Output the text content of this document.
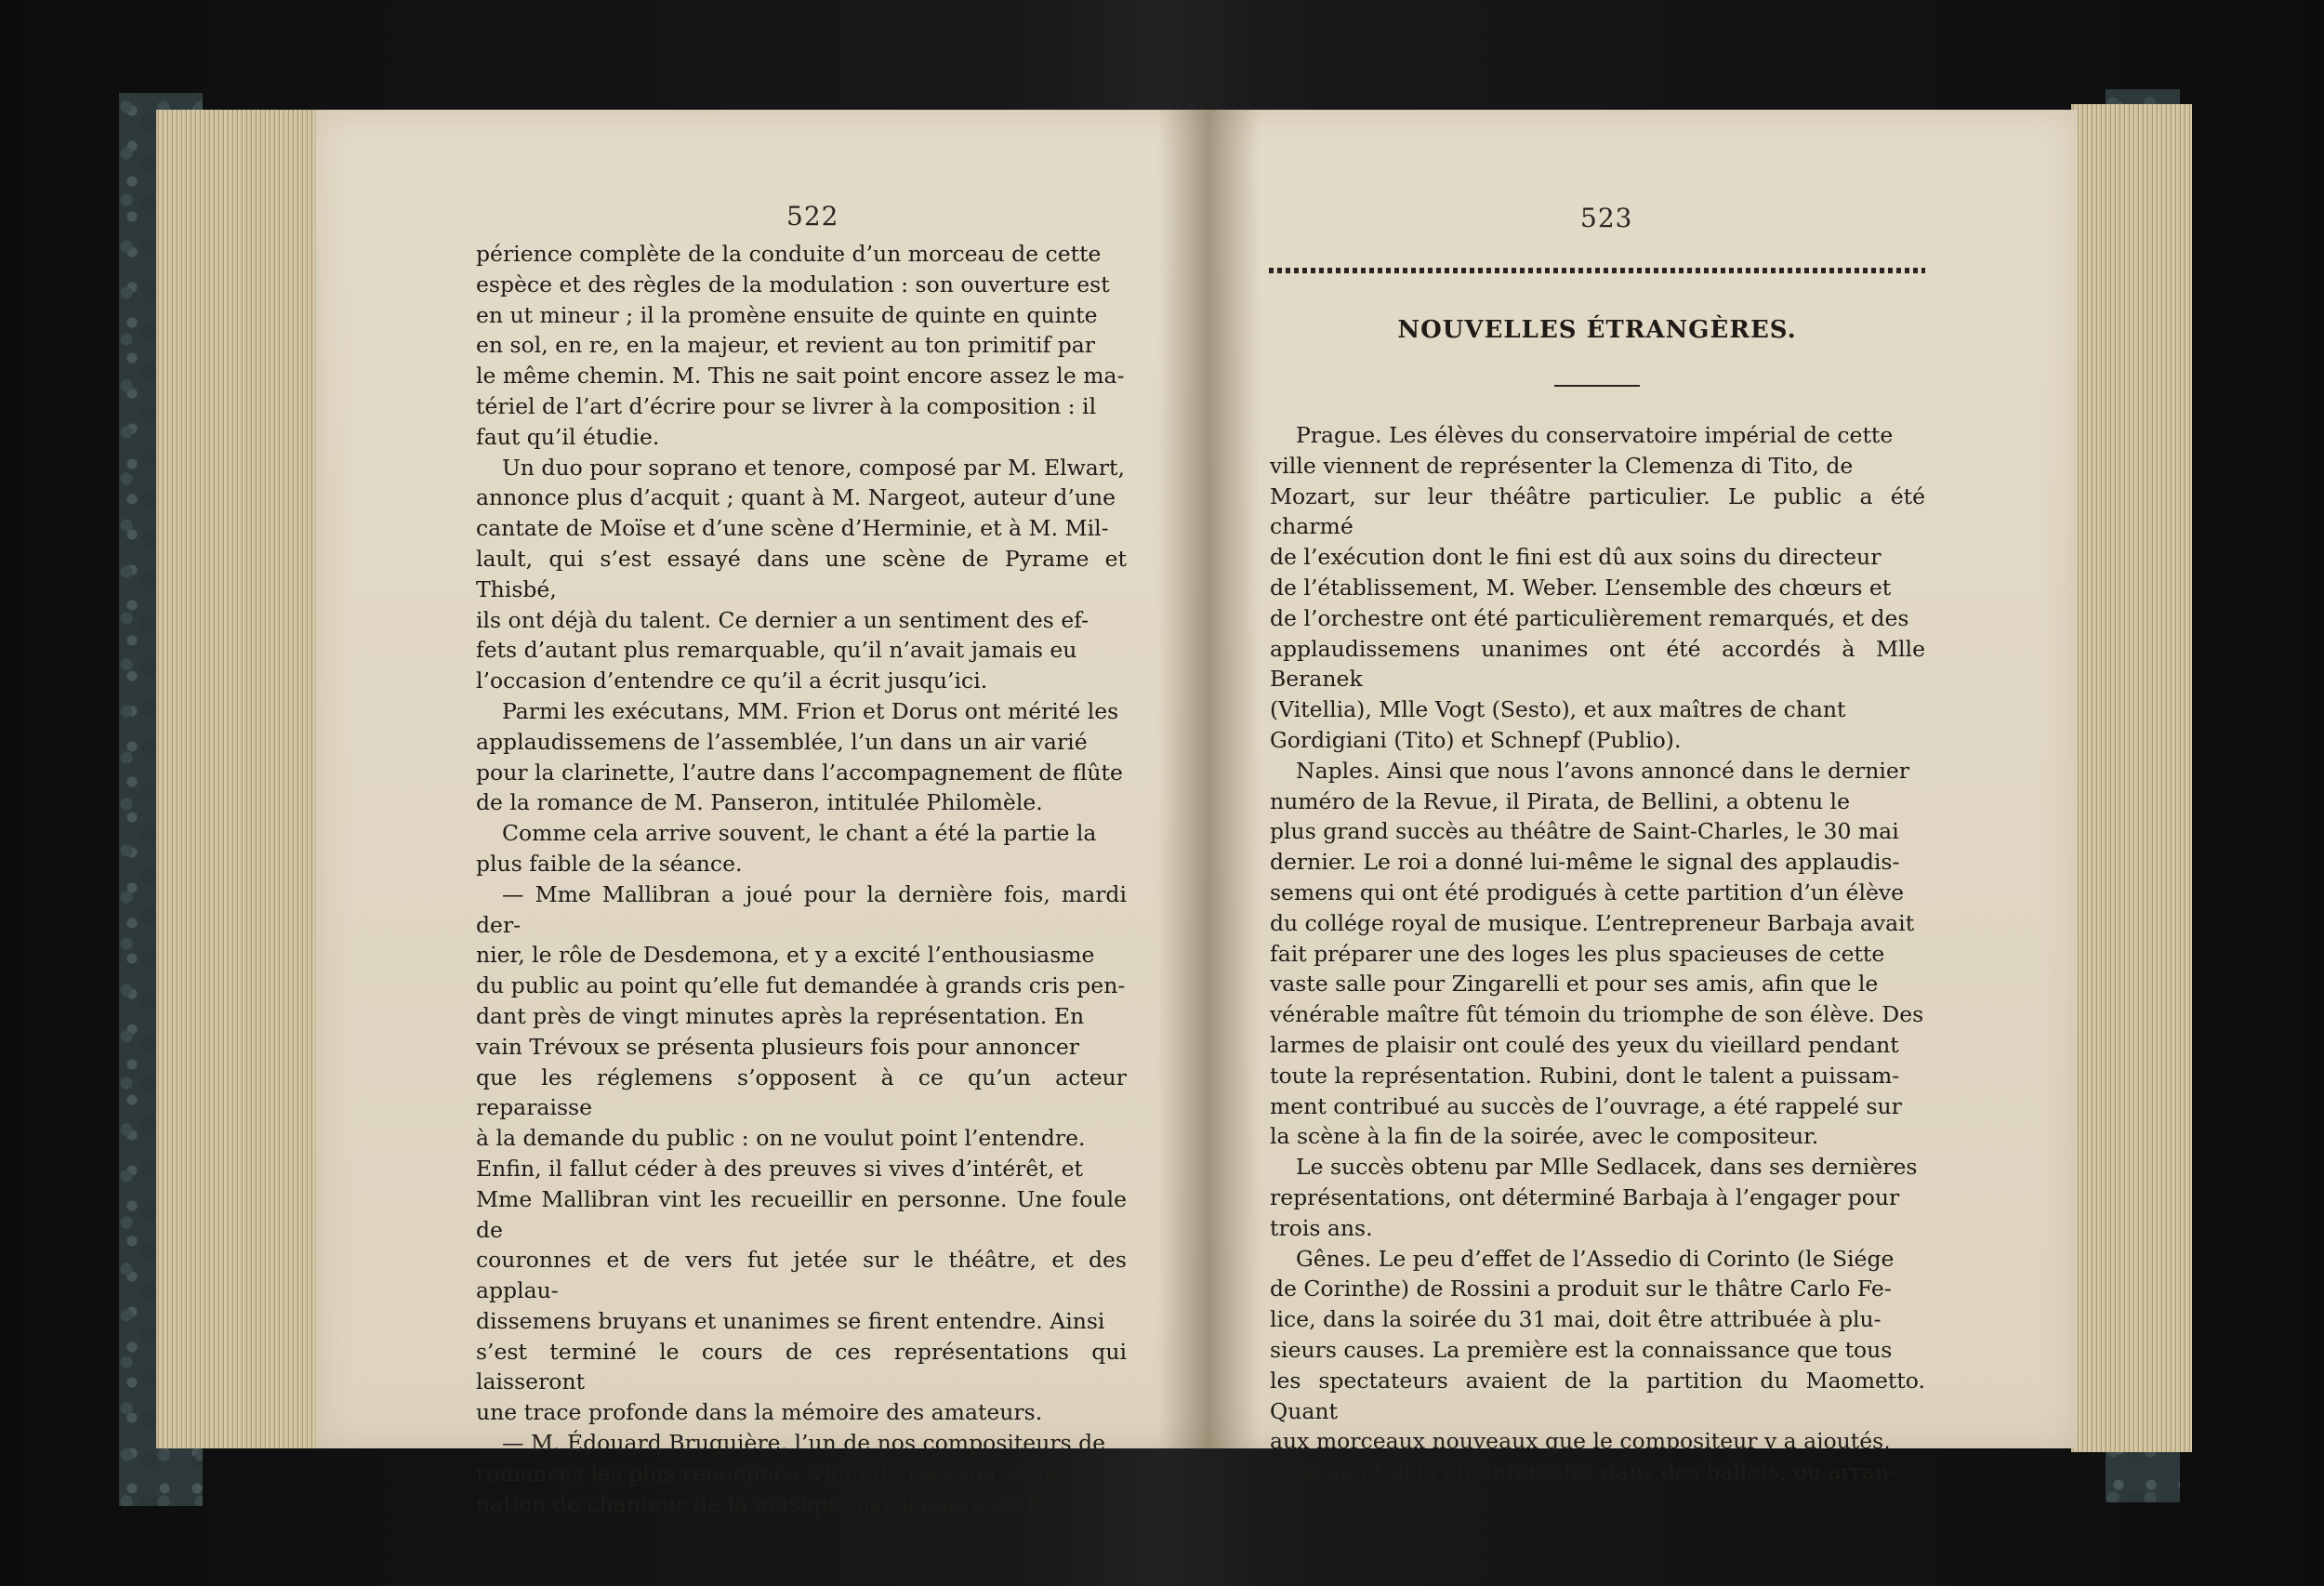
522

périence complète de la conduite d’un morceau de cette

espèce et des règles de la modulation : son ouverture est

en ut mineur ; il la promène ensuite de quinte en quinte

en sol, en re, en la majeur, et revient au ton primitif par

le même chemin. M. This ne sait point encore assez le ma-

tériel de l’art d’écrire pour se livrer à la composition : il

faut qu’il étudie.

Un duo pour soprano et tenore, composé par M. Elwart,

annonce plus d’acquit ; quant à M. Nargeot, auteur d’une

cantate de Moïse et d’une scène d’Herminie, et à M. Mil-

lault, qui s’est essayé dans une scène de Pyrame et Thisbé,

ils ont déjà du talent. Ce dernier a un sentiment des ef-

fets d’autant plus remarquable, qu’il n’avait jamais eu

l’occasion d’entendre ce qu’il a écrit jusqu’ici.

Parmi les exécutans, MM. Frion et Dorus ont mérité les

applaudissemens de l’assemblée, l’un dans un air varié

pour la clarinette, l’autre dans l’accompagnement de flûte

de la romance de M. Panseron, intitulée Philomèle.

Comme cela arrive souvent, le chant a été la partie la

plus faible de la séance.

— Mme Mallibran a joué pour la dernière fois, mardi der-

nier, le rôle de Desdemona, et y a excité l’enthousiasme

du public au point qu’elle fut demandée à grands cris pen-

dant près de vingt minutes après la représentation. En

vain Trévoux se présenta plusieurs fois pour annoncer

que les réglemens s’opposent à ce qu’un acteur reparaisse

à la demande du public : on ne voulut point l’entendre.

Enfin, il fallut céder à des preuves si vives d’intérêt, et

Mme Mallibran vint les recueillir en personne. Une foule de

couronnes et de vers fut jetée sur le théâtre, et des applau-

dissemens bruyans et unanimes se firent entendre. Ainsi

s’est terminé le cours de ces représentations qui laisseront

une trace profonde dans la mémoire des amateurs.

— M. Édouard Bruguière, l’un de nos compositeurs de

romances les plus renommés, vient de recevoir sa nomi-

nation de chanteur de la musique particulière du Roi.

523
NOUVELLES ÉTRANGÈRES.

Prague. Les élèves du conservatoire impérial de cette

ville viennent de représenter la Clemenza di Tito, de

Mozart, sur leur théâtre particulier. Le public a été charmé

de l’exécution dont le fini est dû aux soins du directeur

de l’établissement, M. Weber. L’ensemble des chœurs et

de l’orchestre ont été particulièrement remarqués, et des

applaudissemens unanimes ont été accordés à Mlle Beranek

(Vitellia), Mlle Vogt (Sesto), et aux maîtres de chant

Gordigiani (Tito) et Schnepf (Publio).

Naples. Ainsi que nous l’avons annoncé dans le dernier

numéro de la Revue, il Pirata, de Bellini, a obtenu le

plus grand succès au théâtre de Saint-Charles, le 30 mai

dernier. Le roi a donné lui-même le signal des applaudis-

semens qui ont été prodigués à cette partition d’un élève

du collége royal de musique. L’entrepreneur Barbaja avait

fait préparer une des loges les plus spacieuses de cette

vaste salle pour Zingarelli et pour ses amis, afin que le

vénérable maître fût témoin du triomphe de son élève. Des

larmes de plaisir ont coulé des yeux du vieillard pendant

toute la représentation. Rubini, dont le talent a puissam-

ment contribué au succès de l’ouvrage, a été rappelé sur

la scène à la fin de la soirée, avec le compositeur.

Le succès obtenu par Mlle Sedlacek, dans ses dernières

représentations, ont déterminé Barbaja à l’engager pour

trois ans.

Gênes. Le peu d’effet de l’Assedio di Corinto (le Siége

de Corinthe) de Rossini a produit sur le thâtre Carlo Fe-

lice, dans la soirée du 31 mai, doit être attribuée à plu-

sieurs causes. La première est la connaissance que tous

les spectateurs avaient de la partition du Maometto. Quant

aux morceaux nouveaux que le compositeur y a ajoutés,

ils avaient déjà été intercalés dans des ballets, ou arran-
